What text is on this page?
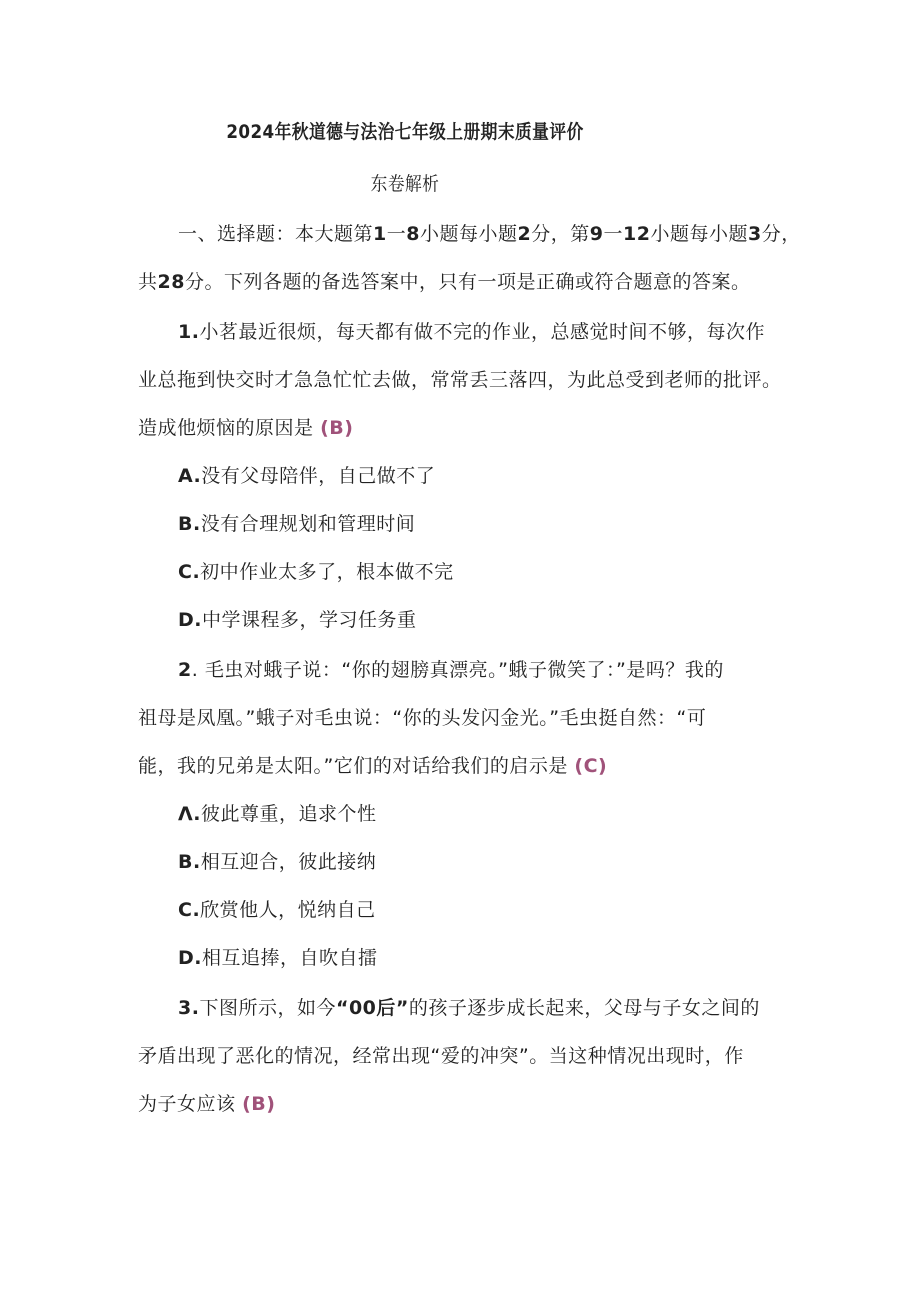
2024年秋道德与法治七年级上册期末质量评价

东卷解析

一、选择题：本大题第1一8小题每小题2分，第9一12小题每小题3分，

共28分。下列各题的备选答案中，只有一项是正确或符合题意的答案。

1.小茗最近很烦，每天都有做不完的作业，总感觉时间不够，每次作

业总拖到快交时才急急忙忙去做，常常丢三落四，为此总受到老师的批评。

造成他烦恼的原因是 (B)

A.没有父母陪伴，自己做不了

B.没有合理规划和管理时间

C.初中作业太多了，根本做不完

D.中学课程多，学习任务重

2. 毛虫对蛾子说：“你的翅膀真漂亮。”蛾子微笑了：”是吗？我的

祖母是凤凰。”蛾子对毛虫说：“你的头发闪金光。”毛虫挺自然：“可

能，我的兄弟是太阳。”它们的对话给我们的启示是 (C)

Λ.彼此尊重，追求个性

B.相互迎合，彼此接纳

C.欣赏他人，悦纳自己

D.相互追捧，自吹自擂

3.下图所示，如今“00后”的孩子逐步成长起来，父母与子女之间的

矛盾出现了恶化的情况，经常出现“爱的冲突”。当这种情况出现时，作

为子女应该 (B)
